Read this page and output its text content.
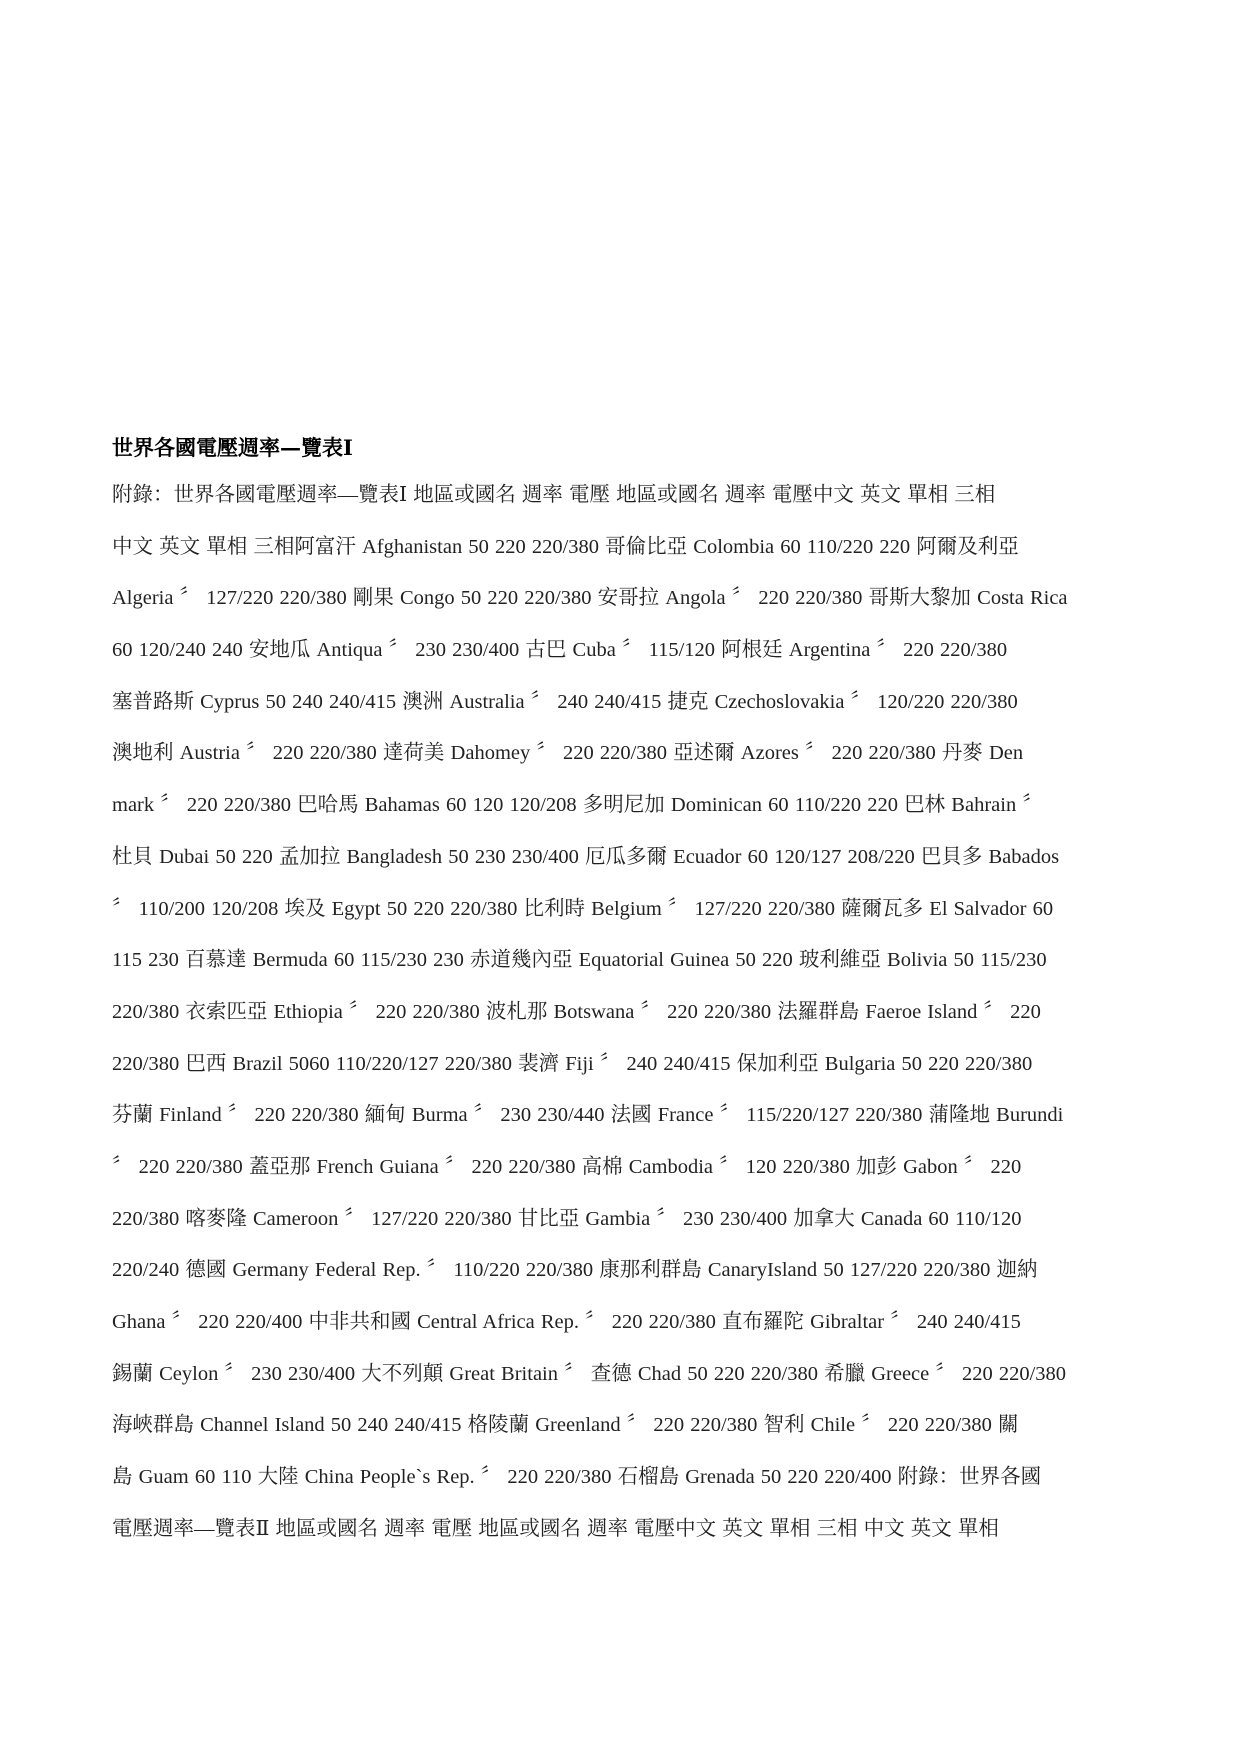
世界各國電壓週率—覽表Ⅰ
附錄：世界各國電壓週率—覽表Ⅰ 地區或國名 週率 電壓 地區或國名 週率 電壓中文 英文 單相 三相
中文 英文 單相 三相阿富汗 Afghanistan 50 220 220/380 哥倫比亞 Colombia 60 110/220 220 阿爾及利亞
Algeria 〞 127/220 220/380 剛果 Congo 50 220 220/380 安哥拉 Angola 〞 220 220/380 哥斯大黎加 Costa Rica
60 120/240 240 安地瓜 Antiqua 〞 230 230/400 古巴 Cuba 〞 115/120 阿根廷 Argentina 〞 220 220/380
塞普路斯 Cyprus 50 240 240/415 澳洲 Australia 〞 240 240/415 捷克 Czechoslovakia 〞 120/220 220/380
澳地利 Austria 〞 220 220/380 達荷美 Dahomey 〞 220 220/380 亞述爾 Azores 〞 220 220/380 丹麥 Den
mark 〞 220 220/380 巴哈馬 Bahamas 60 120 120/208 多明尼加 Dominican 60 110/220 220 巴林 Bahrain 〞
杜貝 Dubai 50 220 孟加拉 Bangladesh 50 230 230/400 厄瓜多爾 Ecuador 60 120/127 208/220 巴貝多 Babados
〞 110/200 120/208 埃及 Egypt 50 220 220/380 比利時 Belgium 〞 127/220 220/380 薩爾瓦多 El Salvador 60
115 230 百慕達 Bermuda 60 115/230 230 赤道幾內亞 Equatorial Guinea 50 220 玻利維亞 Bolivia 50 115/230
220/380 衣索匹亞 Ethiopia 〞 220 220/380 波札那 Botswana 〞 220 220/380 法羅群島 Faeroe Island 〞 220
220/380 巴西 Brazil 5060 110/220/127 220/380 裴濟 Fiji 〞 240 240/415 保加利亞 Bulgaria 50 220 220/380
芬蘭 Finland 〞 220 220/380 緬甸 Burma 〞 230 230/440 法國 France 〞 115/220/127 220/380 蒲隆地 Burundi
〞 220 220/380 蓋亞那 French Guiana 〞 220 220/380 高棉 Cambodia 〞 120 220/380 加彭 Gabon 〞 220
220/380 喀麥隆 Cameroon 〞 127/220 220/380 甘比亞 Gambia 〞 230 230/400 加拿大 Canada 60 110/120
220/240 德國 Germany Federal Rep. 〞 110/220 220/380 康那利群島 CanaryIsland 50 127/220 220/380 迦納
Ghana 〞 220 220/400 中非共和國 Central Africa Rep. 〞 220 220/380 直布羅陀 Gibraltar 〞 240 240/415
錫蘭 Ceylon 〞 230 230/400 大不列顛 Great Britain 〞 查德 Chad 50 220 220/380 希臘 Greece 〞 220 220/380
海峽群島 Channel Island 50 240 240/415 格陵蘭 Greenland 〞 220 220/380 智利 Chile 〞 220 220/380 關
島 Guam 60 110 大陸 China People`s Rep. 〞 220 220/380 石榴島 Grenada 50 220 220/400 附錄：世界各國
電壓週率—覽表Ⅱ 地區或國名 週率 電壓 地區或國名 週率 電壓中文 英文 單相 三相 中文 英文 單相
